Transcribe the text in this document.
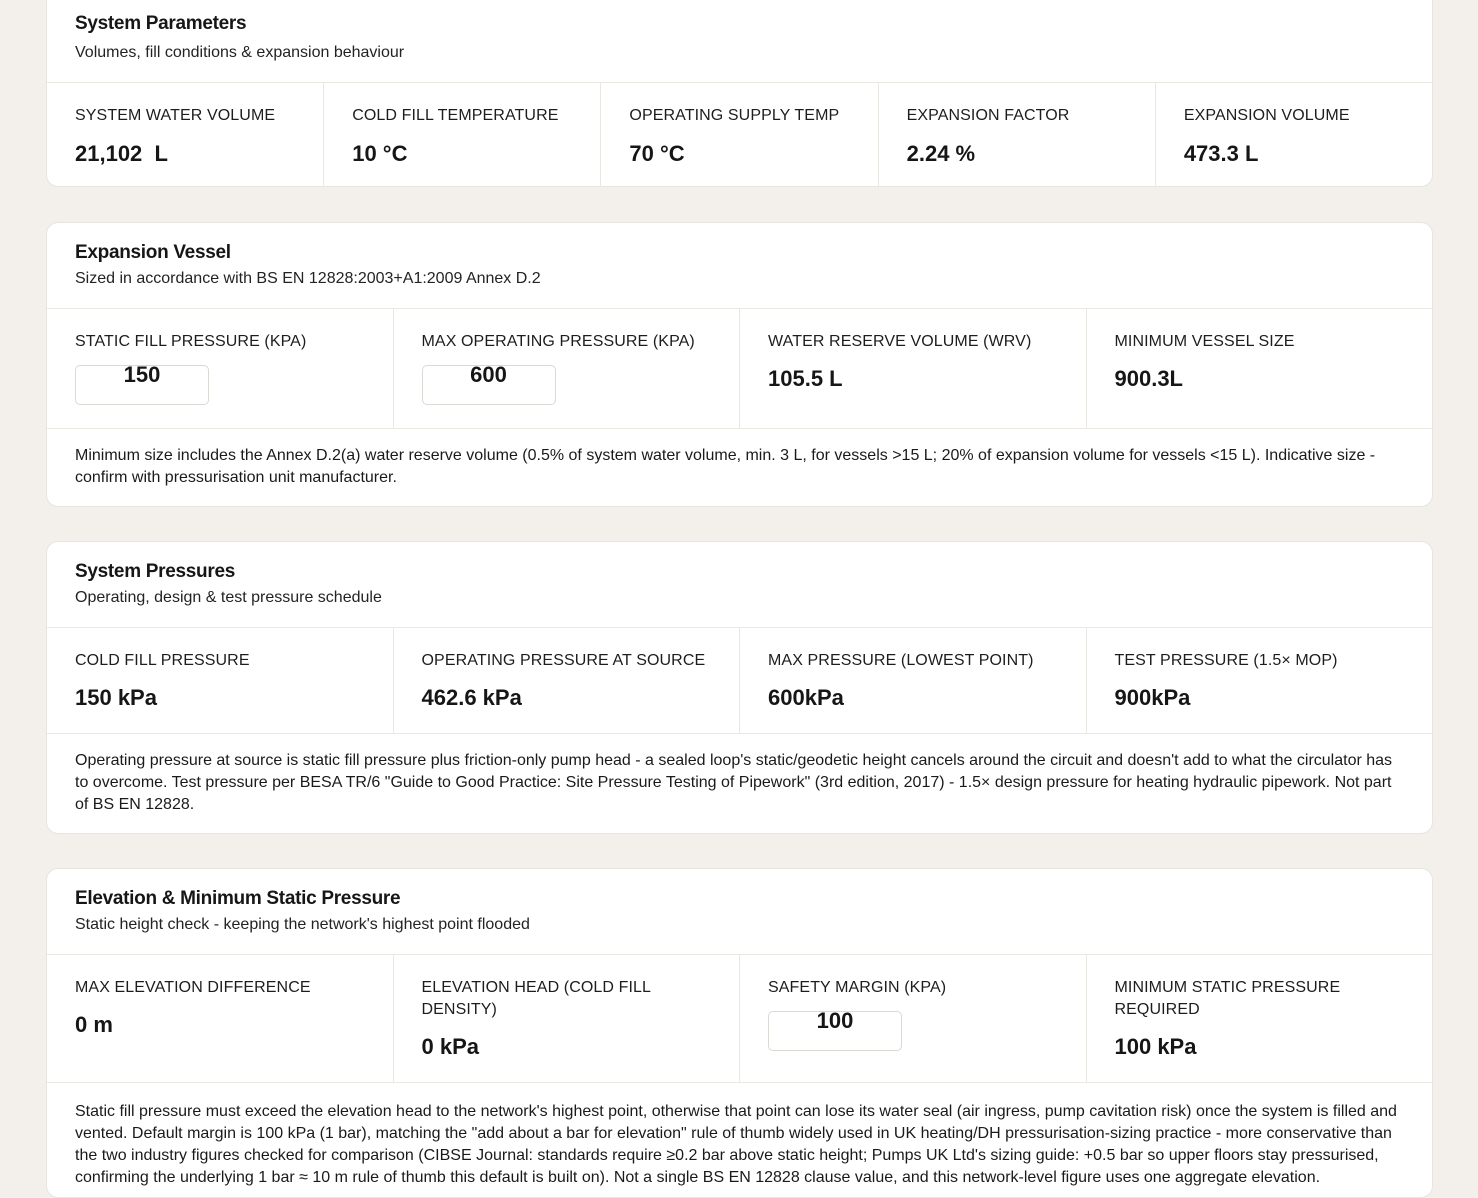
System Parameters
Volumes, fill conditions & expansion behaviour
SYSTEM WATER VOLUME
21,102  L
COLD FILL TEMPERATURE
10 °C
OPERATING SUPPLY TEMP
70 °C
EXPANSION FACTOR
2.24 %
EXPANSION VOLUME
473.3 L
Expansion Vessel
Sized in accordance with BS EN 12828:2003+A1:2009 Annex D.2
STATIC FILL PRESSURE (KPA)
150
MAX OPERATING PRESSURE (KPA)
600
WATER RESERVE VOLUME (WRV)
105.5 L
MINIMUM VESSEL SIZE
900.3L
Minimum size includes the Annex D.2(a) water reserve volume (0.5% of system water volume, min. 3 L, for vessels >15 L; 20% of expansion volume for vessels <15 L). Indicative size - confirm with pressurisation unit manufacturer.
System Pressures
Operating, design & test pressure schedule
COLD FILL PRESSURE
150 kPa
OPERATING PRESSURE AT SOURCE
462.6 kPa
MAX PRESSURE (LOWEST POINT)
600kPa
TEST PRESSURE (1.5× MOP)
900kPa
Operating pressure at source is static fill pressure plus friction-only pump head - a sealed loop's static/geodetic height cancels around the circuit and doesn't add to what the circulator has to overcome. Test pressure per BESA TR/6 "Guide to Good Practice: Site Pressure Testing of Pipework" (3rd edition, 2017) - 1.5× design pressure for heating hydraulic pipework. Not part of BS EN 12828.
Elevation & Minimum Static Pressure
Static height check - keeping the network's highest point flooded
MAX ELEVATION DIFFERENCE
0 m
ELEVATION HEAD (COLD FILL DENSITY)
0 kPa
SAFETY MARGIN (KPA)
100
MINIMUM STATIC PRESSURE REQUIRED
100 kPa
Static fill pressure must exceed the elevation head to the network's highest point, otherwise that point can lose its water seal (air ingress, pump cavitation risk) once the system is filled and vented. Default margin is 100 kPa (1 bar), matching the "add about a bar for elevation" rule of thumb widely used in UK heating/DH pressurisation-sizing practice - more conservative than the two industry figures checked for comparison (CIBSE Journal: standards require ≥0.2 bar above static height; Pumps UK Ltd's sizing guide: +0.5 bar so upper floors stay pressurised, confirming the underlying 1 bar ≈ 10 m rule of thumb this default is built on). Not a single BS EN 12828 clause value, and this network-level figure uses one aggregate elevation.
